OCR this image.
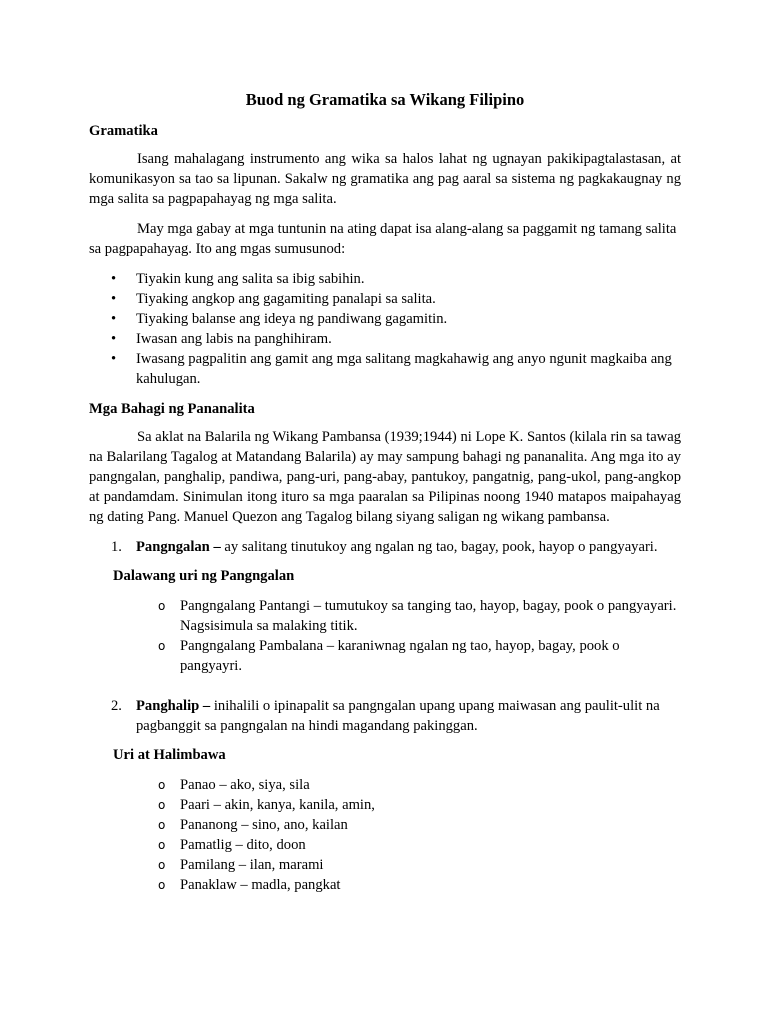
Buod ng Gramatika sa Wikang Filipino
Gramatika

Isang mahalagang instrumento ang wika sa halos lahat ng ugnayan pakikipagtalastasan, at komunikasyon sa tao sa lipunan. Sakalw ng gramatika ang pag aaral sa sistema ng pagkakaugnay ng mga salita sa pagpapahayag ng mga salita.

May mga gabay at mga tuntunin na ating dapat isa alang-alang sa paggamit ng tamang salita sa pagpapahayag. Ito ang mgas sumusunod:

• Tiyakin kung ang salita sa ibig sabihin.
• Tiyaking angkop ang gagamiting panalapi sa salita.
• Tiyaking balanse ang ideya ng pandiwang gagamitin.
• Iwasan ang labis na panghihiram.
• Iwasang pagpalitin ang gamit ang mga salitang magkahawig ang anyo ngunit magkaiba ang kahulugan.
Mga Bahagi ng Pananalita

Sa aklat na Balarila ng Wikang Pambansa (1939;1944) ni Lope K. Santos (kilala rin sa tawag na Balarilang Tagalog at Matandang Balarila) ay may sampung bahagi ng pananalita. Ang mga ito ay pangngalan, panghalip, pandiwa, pang-uri, pang-abay, pantukoy, pangatnig, pang-ukol, pang-angkop at pandamdam. Sinimulan itong ituro sa mga paaralan sa Pilipinas noong 1940 matapos maipahayag ng dating Pang. Manuel Quezon ang Tagalog bilang siyang saligan ng wikang pambansa.

1. Pangngalan – ay salitang tinutukoy ang ngalan ng tao, bagay, pook, hayop o pangyayari.
Dalawang uri ng Pangngalan
o Pangngalang Pantangi – tumutukoy sa tanging tao, hayop, bagay, pook o pangyayari. Nagsisimula sa malaking titik.
o Pangngalang Pambalana – karaniwnag ngalan ng tao, hayop, bagay, pook o pangyayri.
2. Panghalip – inihalili o ipinapalit sa pangngalan upang upang maiwasan ang paulit-ulit na pagbanggit sa pangngalan na hindi magandang pakinggan.
Uri at Halimbawa
o Panao – ako, siya, sila
o Paari – akin, kanya, kanila, amin,
o Pananong – sino, ano, kailan
o Pamatlig – dito, doon
o Pamilang – ilan, marami
o Panaklaw – madla, pangkat
